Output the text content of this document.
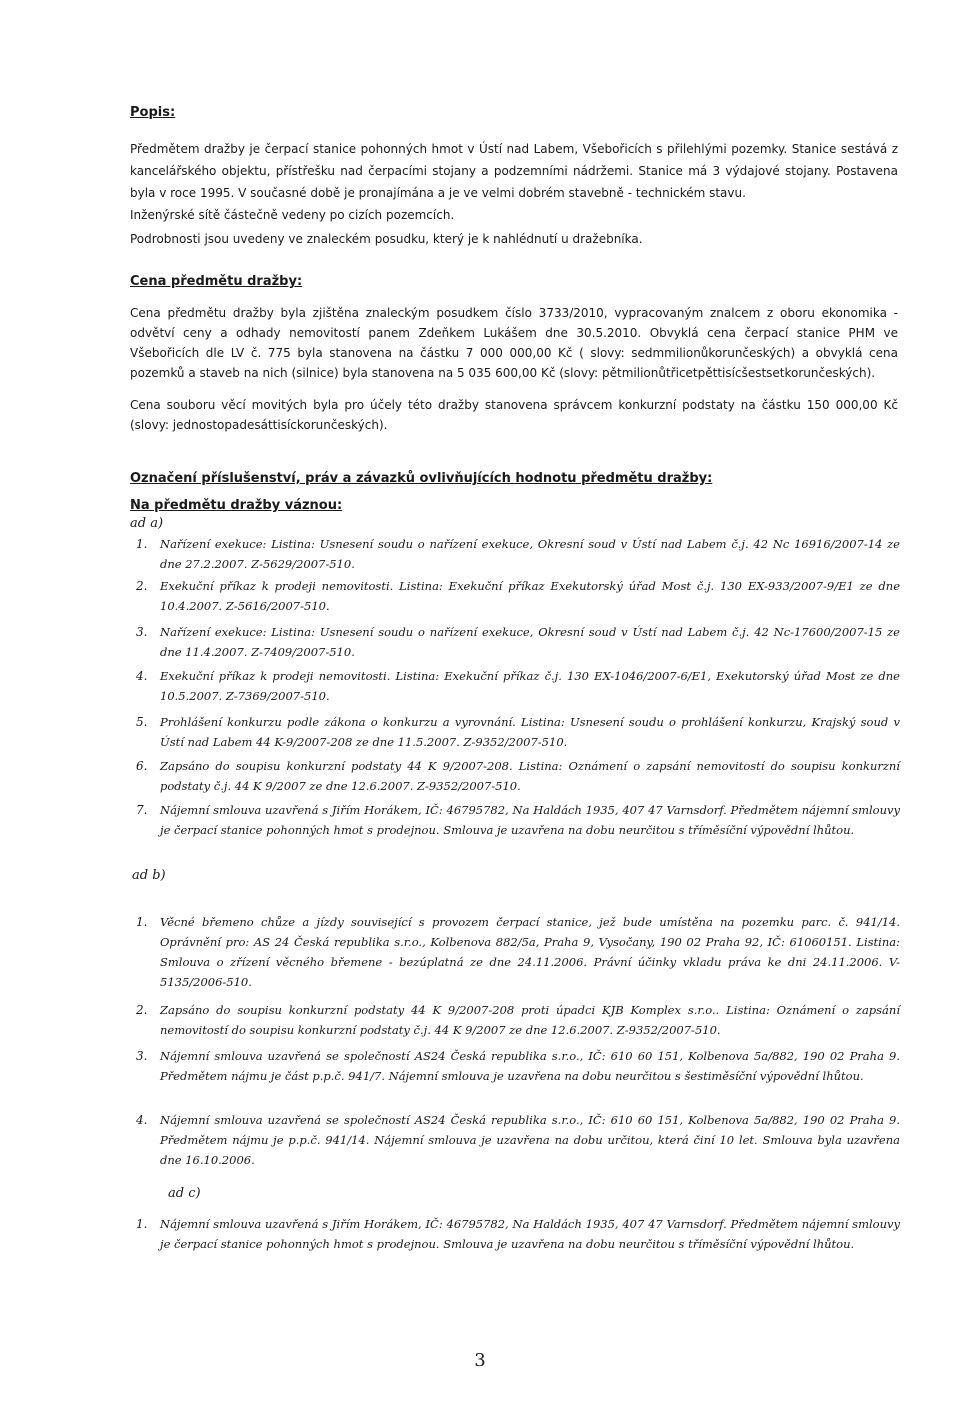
Popis:

Předmětem dražby je čerpací stanice pohonných hmot v Ústí nad Labem, Všebořicích s přilehlými pozemky. Stanice sestává z kancelářského objektu, přístřešku nad čerpacími stojany a podzemními nádržemi. Stanice má 3 výdajové stojany. Postavena byla v roce 1995. V současné době je pronajímána a je ve velmi dobrém stavebně - technickém stavu.

Inženýrské sítě částečně vedeny po cizích pozemcích.

Podrobnosti jsou uvedeny ve znaleckém posudku, který je k nahlédnutí u dražebníka.

Cena předmětu dražby:

Cena předmětu dražby byla zjištěna znaleckým posudkem číslo 3733/2010, vypracovaným znalcem z oboru ekonomika - odvětví ceny a odhady nemovitostí panem Zdeňkem Lukášem dne 30.5.2010. Obvyklá cena čerpací stanice PHM ve Všebořicích dle LV č. 775 byla stanovena na částku 7 000 000,00 Kč ( slovy: sedmmilionůkorunčeských) a obvyklá cena pozemků a staveb na nich (silnice) byla stanovena na 5 035 600,00 Kč (slovy: pětmilionůtřicetpěttisícšestsetkorunčeských).

Cena souboru věcí movitých byla pro účely této dražby stanovena správcem konkurzní podstaty na částku 150 000,00 Kč (slovy: jednostopadesáttisíckorunčeských).

Označení příslušenství, práv a závazků ovlivňujících hodnotu předmětu dražby:

Na předmětu dražby váznou:

ad a)

1. Nařízení exekuce: Listina: Usnesení soudu o nařízení exekuce, Okresní soud v Ústí nad Labem č.j. 42 Nc 16916/2007-14 ze dne 27.2.2007. Z-5629/2007-510.
2. Exekuční příkaz k prodeji nemovitosti. Listina: Exekuční příkaz Exekutorský úřad Most č.j. 130 EX-933/2007-9/E1 ze dne 10.4.2007. Z-5616/2007-510.
3. Nařízení exekuce: Listina: Usnesení soudu o nařízení exekuce, Okresní soud v Ústí nad Labem č.j. 42 Nc-17600/2007-15 ze dne 11.4.2007. Z-7409/2007-510.
4. Exekuční příkaz k prodeji nemovitosti. Listina: Exekuční příkaz č.j. 130 EX-1046/2007-6/E1, Exekutorský úřad Most ze dne 10.5.2007. Z-7369/2007-510.
5. Prohlášení konkurzu podle zákona o konkurzu a vyrovnání. Listina: Usnesení soudu o prohlášení konkurzu, Krajský soud v Ústí nad Labem 44 K-9/2007-208 ze dne 11.5.2007. Z-9352/2007-510.
6. Zapsáno do soupisu konkurzní podstaty 44 K 9/2007-208. Listina: Oznámení o zapsání nemovitostí do soupisu konkurzní podstaty č.j. 44 K 9/2007 ze dne 12.6.2007. Z-9352/2007-510.
7. Nájemní smlouva uzavřená s Jiřím Horákem, IČ: 46795782, Na Haldách 1935, 407 47 Varnsdorf. Předmětem nájemní smlouvy je čerpací stanice pohonných hmot s prodejnou. Smlouva je uzavřena na dobu neurčitou s tříměsíční výpovědní lhůtou.

ad b)

1. Věcné břemeno chůze a jízdy související s provozem čerpací stanice, jež bude umístěna na pozemku parc. č. 941/14. Oprávnění pro: AS 24 Česká republika s.r.o., Kolbenova 882/5a, Praha 9, Vysočany, 190 02 Praha 92, IČ: 61060151. Listina: Smlouva o zřízení věcného břemene - bezúplatná ze dne 24.11.2006. Právní účinky vkladu práva ke dni 24.11.2006. V-5135/2006-510.
2. Zapsáno do soupisu konkurzní podstaty 44 K 9/2007-208 proti úpadci KJB Komplex s.r.o.. Listina: Oznámení o zapsání nemovitostí do soupisu konkurzní podstaty č.j. 44 K 9/2007 ze dne 12.6.2007. Z-9352/2007-510.
3. Nájemní smlouva uzavřená se společností AS24 Česká republika s.r.o., IČ: 610 60 151, Kolbenova 5a/882, 190 02 Praha 9. Předmětem nájmu je část p.p.č. 941/7. Nájemní smlouva je uzavřena na dobu neurčitou s šestiměsíční výpovědní lhůtou.
4. Nájemní smlouva uzavřená se společností AS24 Česká republika s.r.o., IČ: 610 60 151, Kolbenova 5a/882, 190 02 Praha 9. Předmětem nájmu je p.p.č. 941/14. Nájemní smlouva je uzavřena na dobu určitou, která činí 10 let. Smlouva byla uzavřena dne 16.10.2006.

ad c)

1. Nájemní smlouva uzavřená s Jiřím Horákem, IČ: 46795782, Na Haldách 1935, 407 47 Varnsdorf. Předmětem nájemní smlouvy je čerpací stanice pohonných hmot s prodejnou. Smlouva je uzavřena na dobu neurčitou s tříměsíční výpovědní lhůtou.
3
